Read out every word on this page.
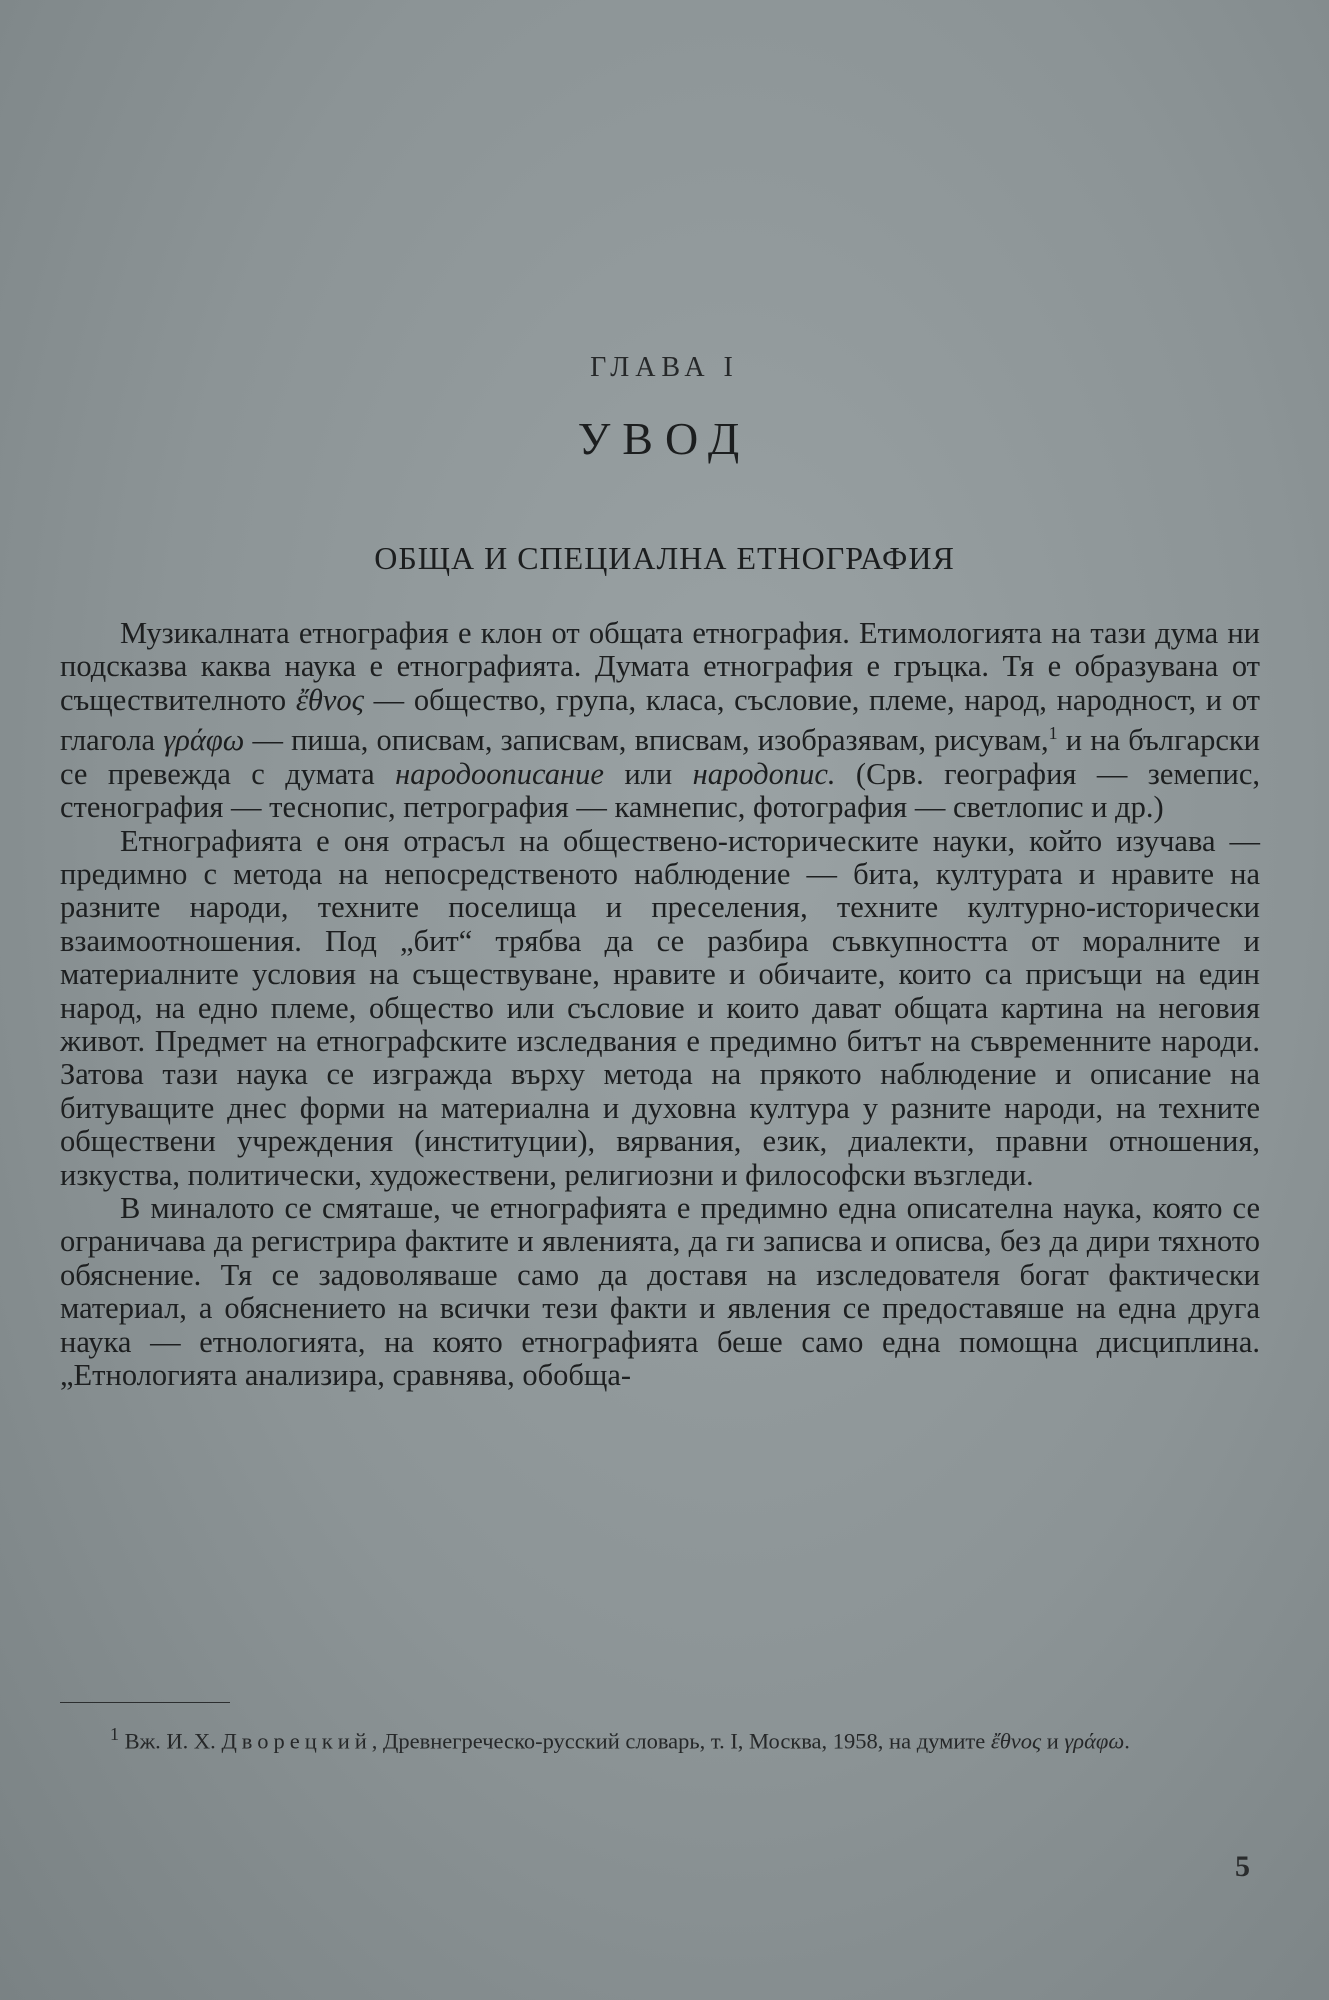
ГЛАВА I
УВОД
ОБЩА И СПЕЦИАЛНА ЕТНОГРАФИЯ

Музикалната етнография е клон от общата етнография. Етимологията на тази дума ни подсказва каква наука е етнографията. Думата етнография е гръцка. Тя е образувана от съществителното ἔθνος — общество, група, класа, съсловие, племе, народ, народност, и от глагола γράφω — пиша, описвам, записвам, вписвам, изобразявам, рисувам,$^1$ и на български се превежда с думата народоописание или народопис. (Срв. география — земепис, стенография — теснопис, петрография — камнепис, фотография — светлопис и др.)

Етнографията е оня отрасъл на обществено-историческите науки, който изучава — предимно с метода на непосредственото наблюдение — бита, културата и нравите на разните народи, техните поселища и преселения, техните културно-исторически взаимоотношения. Под „бит“ трябва да се разбира съвкупността от моралните и материалните условия на съществуване, нравите и обичаите, които са присъщи на един народ, на едно племе, общество или съсловие и които дават общата картина на неговия живот. Предмет на етнографските изследвания е предимно битът на съвременните народи. Затова тази наука се изгражда върху метода на прякото наблюдение и описание на битуващите днес форми на материална и духовна култура у разните народи, на техните обществени учреждения (институции), вярвания, език, диалекти, правни отношения, изкуства, политически, художествени, религиозни и философски възгледи.

В миналото се смяташе, че етнографията е предимно една описателна наука, която се ограничава да регистрира фактите и явленията, да ги записва и описва, без да дири тяхното обяснение. Тя се задоволяваше само да доставя на изследователя богат фактически материал, а обяснението на всички тези факти и явления се предоставяше на една друга наука — етнологията, на която етнографията беше само една помощна дисциплина. „Етнологията анализира, сравнява, обобща-

$^1$ Вж. И. Х. Дворецкий, Древнегреческо-русский словарь, т. I, Москва, 1958, на думите ἔθνος и γράφω.
5
